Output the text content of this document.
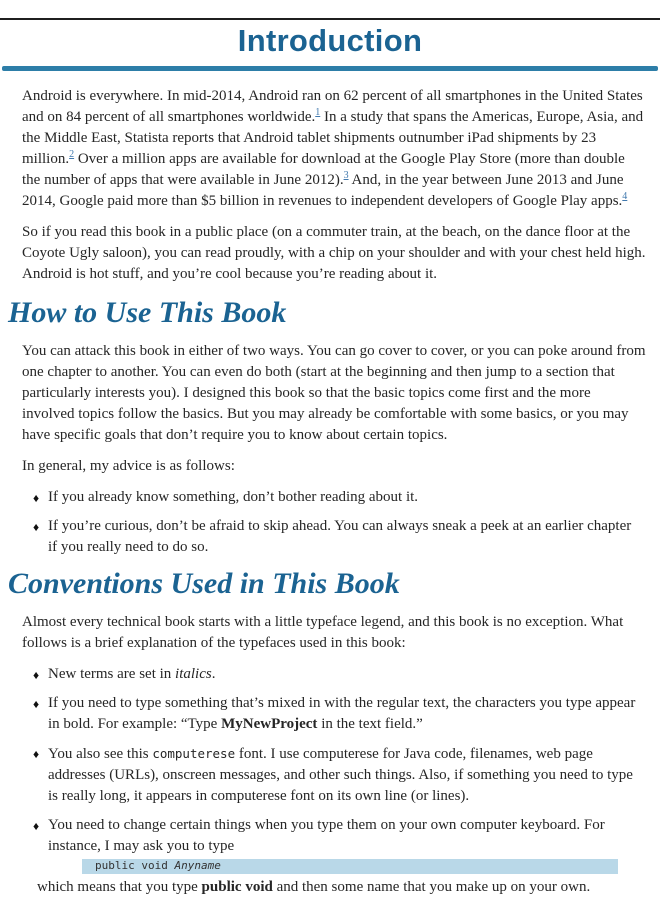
Introduction

Android is everywhere. In mid-2014, Android ran on 62 percent of all smartphones in the United States and on 84 percent of all smartphones worldwide.$^1$ In a study that spans the Americas, Europe, Asia, and the Middle East, Statista reports that Android tablet shipments outnumber iPad shipments by 23 million.$^2$ Over a million apps are available for download at the Google Play Store (more than double the number of apps that were available in June 2012).$^3$ And, in the year between June 2013 and June 2014, Google paid more than $5 billion in revenues to independent developers of Google Play apps.$^4$

So if you read this book in a public place (on a commuter train, at the beach, on the dance floor at the Coyote Ugly saloon), you can read proudly, with a chip on your shoulder and with your chest held high. Android is hot stuff, and you’re cool because you’re reading about it.

How to Use This Book

You can attack this book in either of two ways. You can go cover to cover, or you can poke around from one chapter to another. You can even do both (start at the beginning and then jump to a section that particularly interests you). I designed this book so that the basic topics come first and the more involved topics follow the basics. But you may already be comfortable with some basics, or you may have specific goals that don’t require you to know about certain topics.

In general, my advice is as follows:

♦ If you already know something, don’t bother reading about it.
♦ If you’re curious, don’t be afraid to skip ahead. You can always sneak a peek at an earlier chapter if you really need to do so.
Conventions Used in This Book

Almost every technical book starts with a little typeface legend, and this book is no exception. What follows is a brief explanation of the typefaces used in this book:

♦ New terms are set in italics.
♦ If you need to type something that’s mixed in with the regular text, the characters you type appear in bold. For example: “Type MyNewProject in the text field.”
♦ You also see this computerese font. I use computerese for Java code, filenames, web page addresses (URLs), onscreen messages, and other such things. Also, if something you need to type is really long, it appears in computerese font on its own line (or lines).
♦ You need to change certain things when you type them on your own computer keyboard. For instance, I may ask you to type
public void Anyname

which means that you type public void and then some name that you make up on your own.
